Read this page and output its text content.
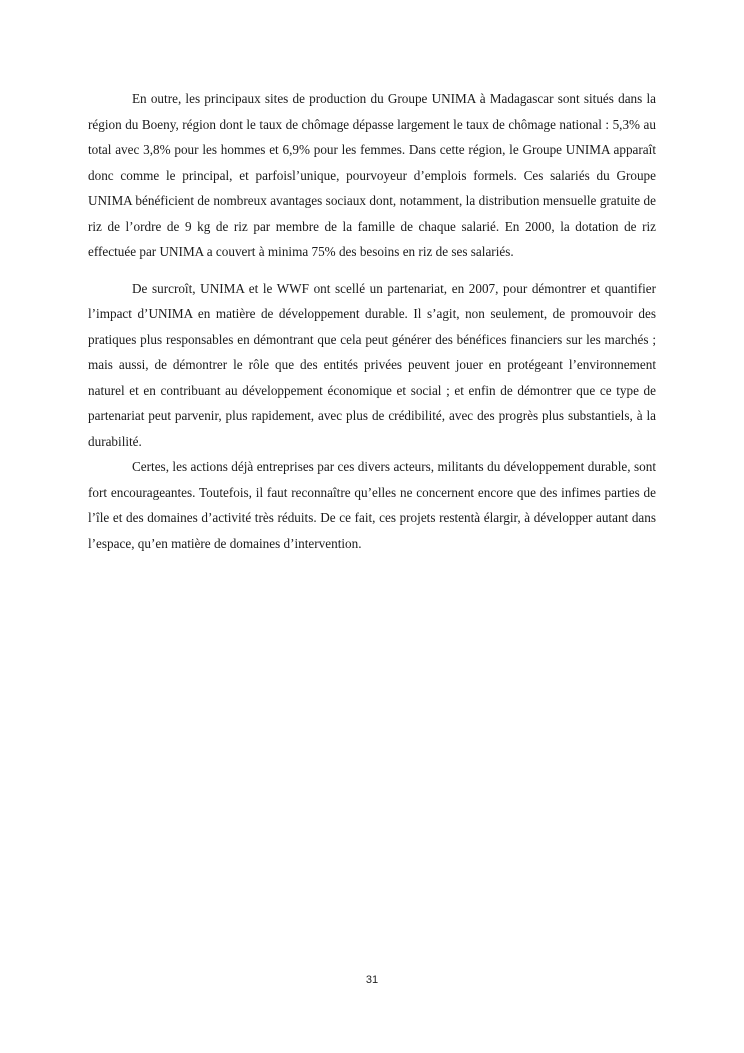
En outre, les principaux sites de production du Groupe UNIMA à Madagascar sont situés dans la région du Boeny, région dont le taux de chômage dépasse largement le taux de chômage national : 5,3% au total avec 3,8% pour les hommes et 6,9% pour les femmes. Dans cette région, le Groupe UNIMA apparaît donc comme le principal, et parfoisl’unique, pourvoyeur d’emplois formels. Ces salariés du Groupe UNIMA bénéficient de nombreux avantages sociaux dont, notamment, la distribution mensuelle gratuite de riz de l’ordre de 9 kg de riz par membre de la famille de chaque salarié. En 2000, la dotation de riz effectuée par UNIMA a couvert à minima 75% des besoins en riz de ses salariés.

De surcroît, UNIMA et le WWF ont scellé un partenariat, en 2007, pour démontrer et quantifier l’impact d’UNIMA en matière de développement durable. Il s’agit, non seulement, de promouvoir des pratiques plus responsables en démontrant que cela peut générer des bénéfices financiers sur les marchés ; mais aussi, de démontrer le rôle que des entités privées peuvent jouer en protégeant l’environnement naturel et en contribuant au développement économique et social ; et enfin de démontrer que ce type de partenariat peut parvenir, plus rapidement, avec plus de crédibilité, avec des progrès plus substantiels, à la durabilité.

Certes, les actions déjà entreprises par ces divers acteurs, militants du développement durable, sont fort encourageantes. Toutefois, il faut reconnaître qu’elles ne concernent encore que des infimes parties de l’île et des domaines d’activité très réduits. De ce fait, ces projets restentà élargir, à développer autant dans l’espace, qu’en matière de domaines d’intervention.

31
